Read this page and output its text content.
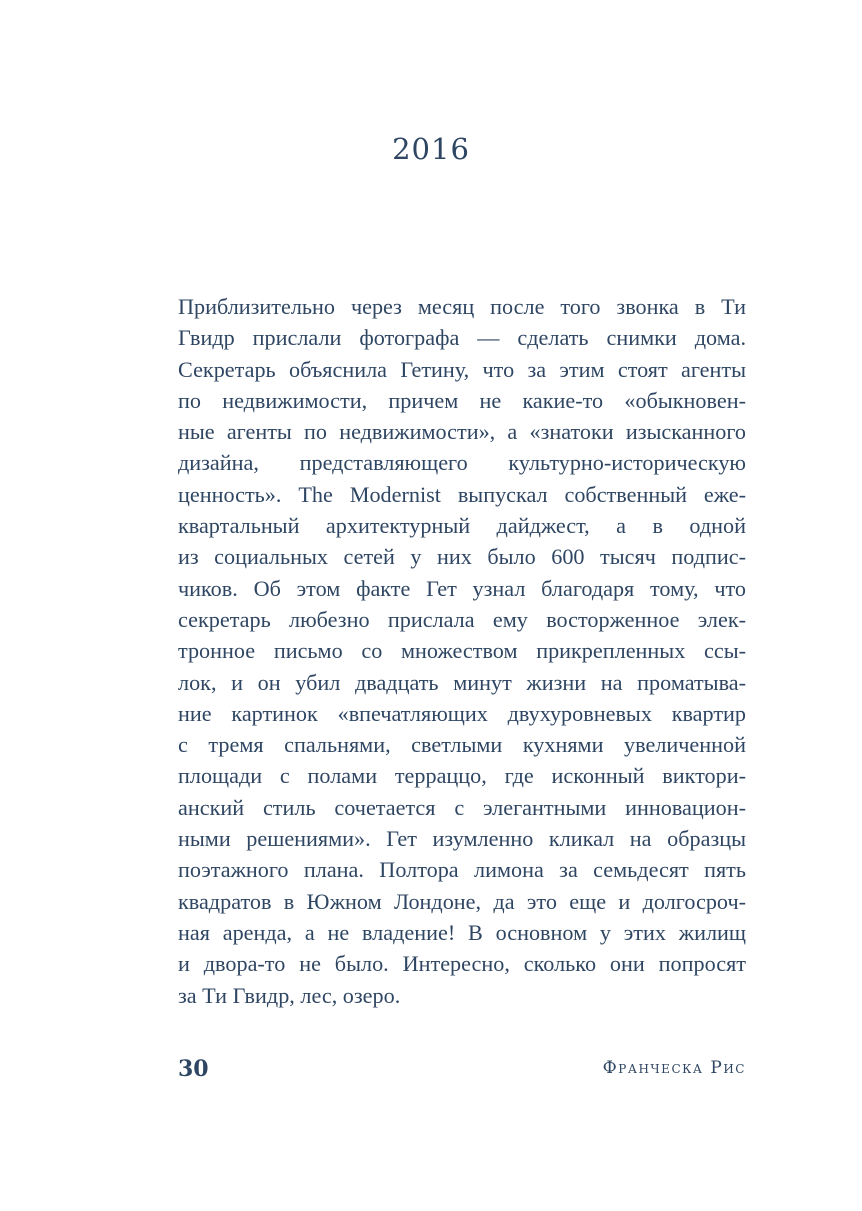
2016
Приблизительно через месяц после того звонка в Ти
Гвидр прислали фотографа — сделать снимки дома.
Секретарь объяснила Гетину, что за этим стоят агенты
по недвижимости, причем не какие-то «обыкновен-
ные агенты по недвижимости», а «знатоки изысканного
дизайна, представляющего культурно-историческую
ценность». The Modernist выпускал собственный еже-
квартальный архитектурный дайджест, а в одной
из социальных сетей у них было 600 тысяч подпис-
чиков. Об этом факте Гет узнал благодаря тому, что
секретарь любезно прислала ему восторженное элек-
тронное письмо со множеством прикрепленных ссы-
лок, и он убил двадцать минут жизни на проматыва-
ние картинок «впечатляющих двухуровневых квартир
с тремя спальнями, светлыми кухнями увеличенной
площади с полами терраццо, где исконный виктори-
анский стиль сочетается с элегантными инновацион-
ными решениями». Гет изумленно кликал на образцы
поэтажного плана. Полтора лимона за семьдесят пять
квадратов в Южном Лондоне, да это еще и долгосроч-
ная аренда, а не владение! В основном у этих жилищ
и двора-то не было. Интересно, сколько они попросят
за Ти Гвидр, лес, озеро.
30	Франческа Рис
